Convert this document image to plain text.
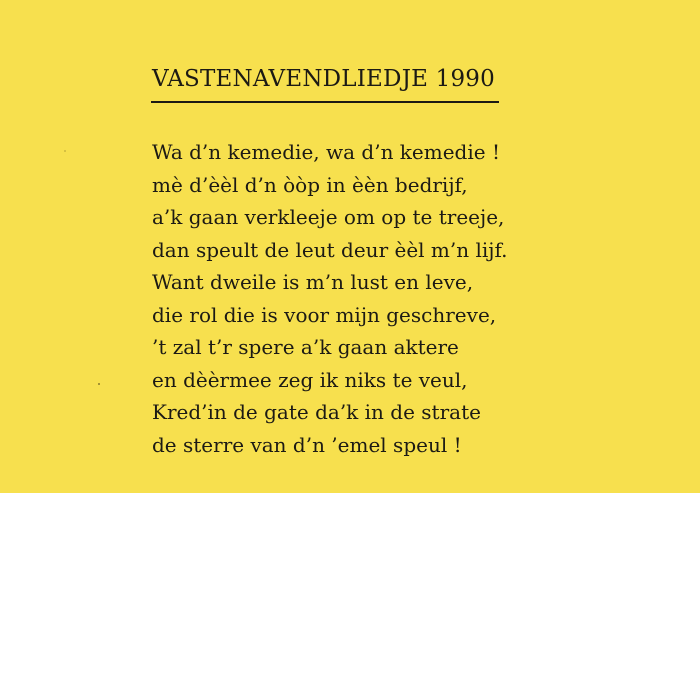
VASTENAVENDLIEDJE 1990
Wa d’n kemedie, wa d’n kemedie !
mè d’èèl d’n òòp in èèn bedrijf,
a’k gaan verkleeje om op te treeje,
dan speult de leut deur èèl m’n lijf.
Want dweile is m’n lust en leve,
die rol die is voor mijn geschreve,
’t zal t’r spere a’k gaan aktere
en dèèrmee zeg ik niks te veul,
Kred’in de gate da’k in de strate
de sterre van d’n ’emel speul !
